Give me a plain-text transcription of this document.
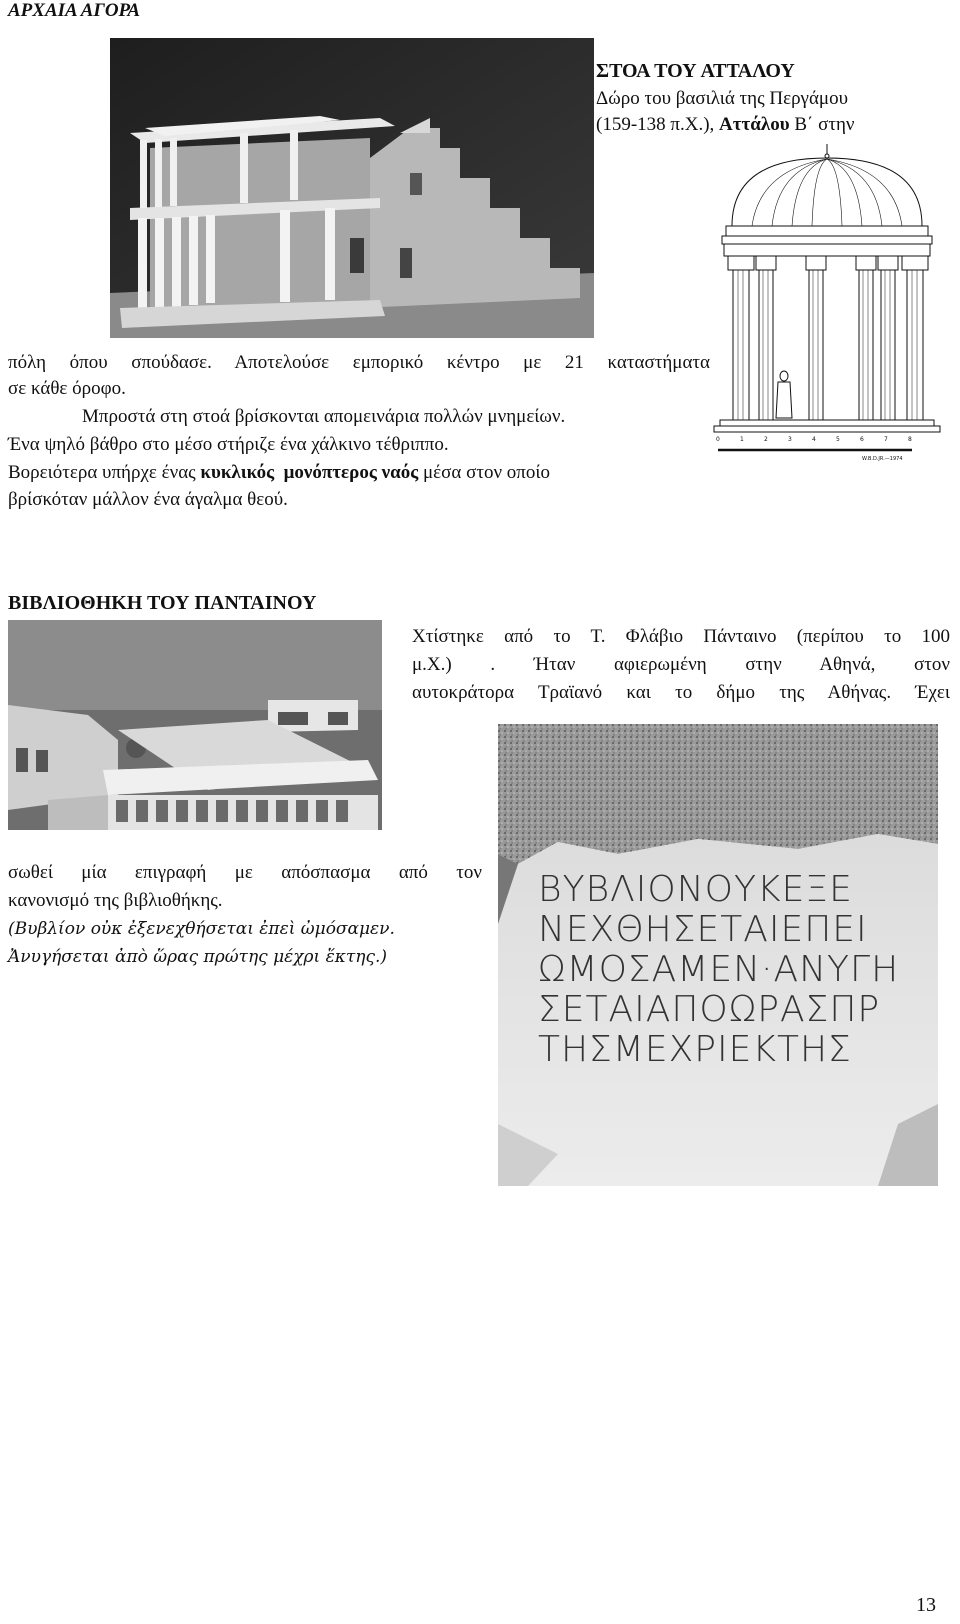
ΑΡΧΑΙΑ ΑΓΟΡΑ
ΣΤΟΑ ΤΟΥ ΑΤΤΑΛΟΥ
Δώρο του βασιλιά της Περγάμου
(159-138 π.Χ.), Αττάλου Β΄ στην
0	1	2	3	4	5	6	7	8
W.B.D.JR.—1974
πόλη όπου σπούδασε. Αποτελούσε εμπορικό κέντρο με 21 καταστήματα
σε κάθε όροφο.
Μπροστά στη στοά βρίσκονται απομεινάρια πολλών μνημείων.
Ένα ψηλό βάθρο στο μέσο στήριζε ένα χάλκινο τέθριππο.
Βορειότερα υπήρχε ένας κυκλικός μονόπτερος ναός μέσα στον οποίο
βρίσκόταν μάλλον ένα άγαλμα θεού.
ΒΙΒΛΙΟΘΗΚΗ ΤΟΥ ΠΑΝΤΑΙΝΟΥ
Χτίστηκε από το Τ. Φλάβιο Πάνταινο (περίπου το 100
μ.Χ.) . Ήταν αφιερωμένη στην Αθηνά, στον
αυτοκράτορα Τραϊανό και το δήμο της Αθήνας. Έχει
ΒΥΒΛΙΟΝΟΥΚΕΞΕ
ΝΕΧΘΗΣΕΤΑΙΕΠΕΙ
ΩΜΟΣΑΜΕΝ·ΑΝΥΓΗ
ΣΕΤΑΙΑΠΟΩΡΑΣΠΡ
ΤΗΣΜΕΧΡΙΕΚΤΗΣ
σωθεί μία επιγραφή με απόσπασμα από τον
κανονισμό της βιβλιοθήκης.
(Βυβλίον οὐκ ἐξενεχθήσεται ἐπεὶ ὠμόσαμεν.
Ἀνυγήσεται ἀπὸ ὥρας πρώτης μέχρι ἕκτης.)
13
